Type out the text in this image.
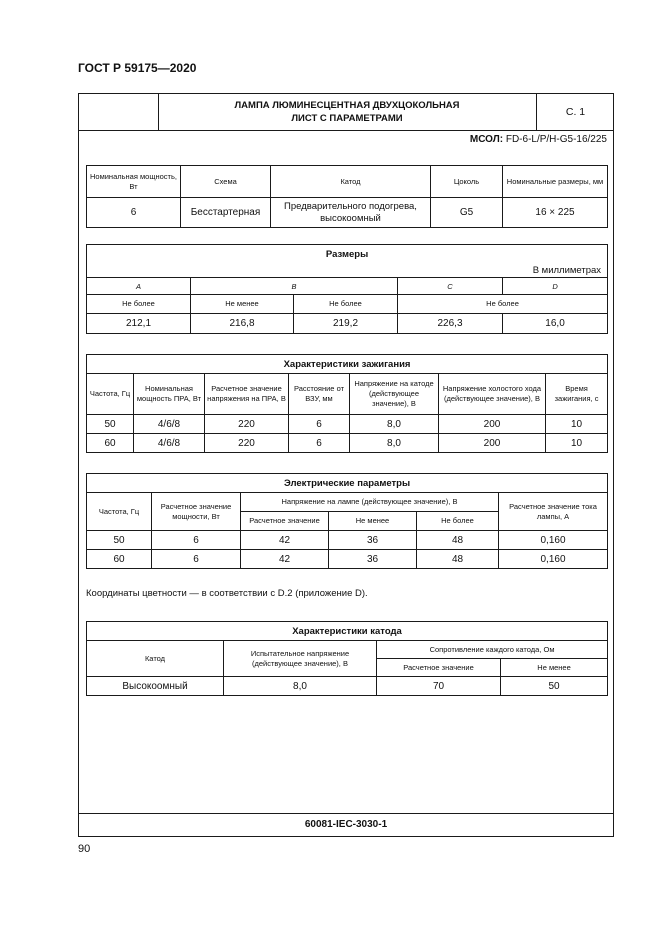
ГОСТ Р 59175—2020
ЛАМПА ЛЮМИНЕСЦЕНТНАЯ ДВУХЦОКОЛЬНАЯ
ЛИСТ С ПАРАМЕТРАМИ
С. 1
МСОЛ: FD-6-L/P/H-G5-16/225
60081-IEC-3030-1
Номинальная мощность, Вт	Схема	Катод	Цоколь	Номинальные размеры, мм
6	Бесстартерная	Предварительного подогрева, высокоомный	G5	16 × 225
Размеры				
В миллиметрах				
A	B		C	D
Не более	Не менее	Не более	Не более	
212,1	216,8	219,2	226,3	16,0
Характеристики зажигания						
Частота, Гц	Номинальная мощность ПРА, Вт	Расчетное значение напряжения на ПРА, В	Расстояние от ВЗУ, мм	Напряжение на катоде (действующее значение), В	Напряжение холостого хода (действующее значение), В	Время зажигания, с
50	4/6/8	220	6	8,0	200	10
60	4/6/8	220	6	8,0	200	10
Электрические параметры					
Частота, Гц	Расчетное значение мощности, Вт	Напряжение на лампе (действующее значение), В			Расчетное значение тока лампы, А
		Расчетное значение	Не менее	Не более	
50	6	42	36	48	0,160
60	6	42	36	48	0,160
Координаты цветности — в соответствии с D.2 (приложение D).
Характеристики катода			
Катод	Испытательное напряжение (действующее значение), В	Сопротивление каждого катода, Ом	
		Расчетное значение	Не менее
Высокоомный	8,0	70	50
90
